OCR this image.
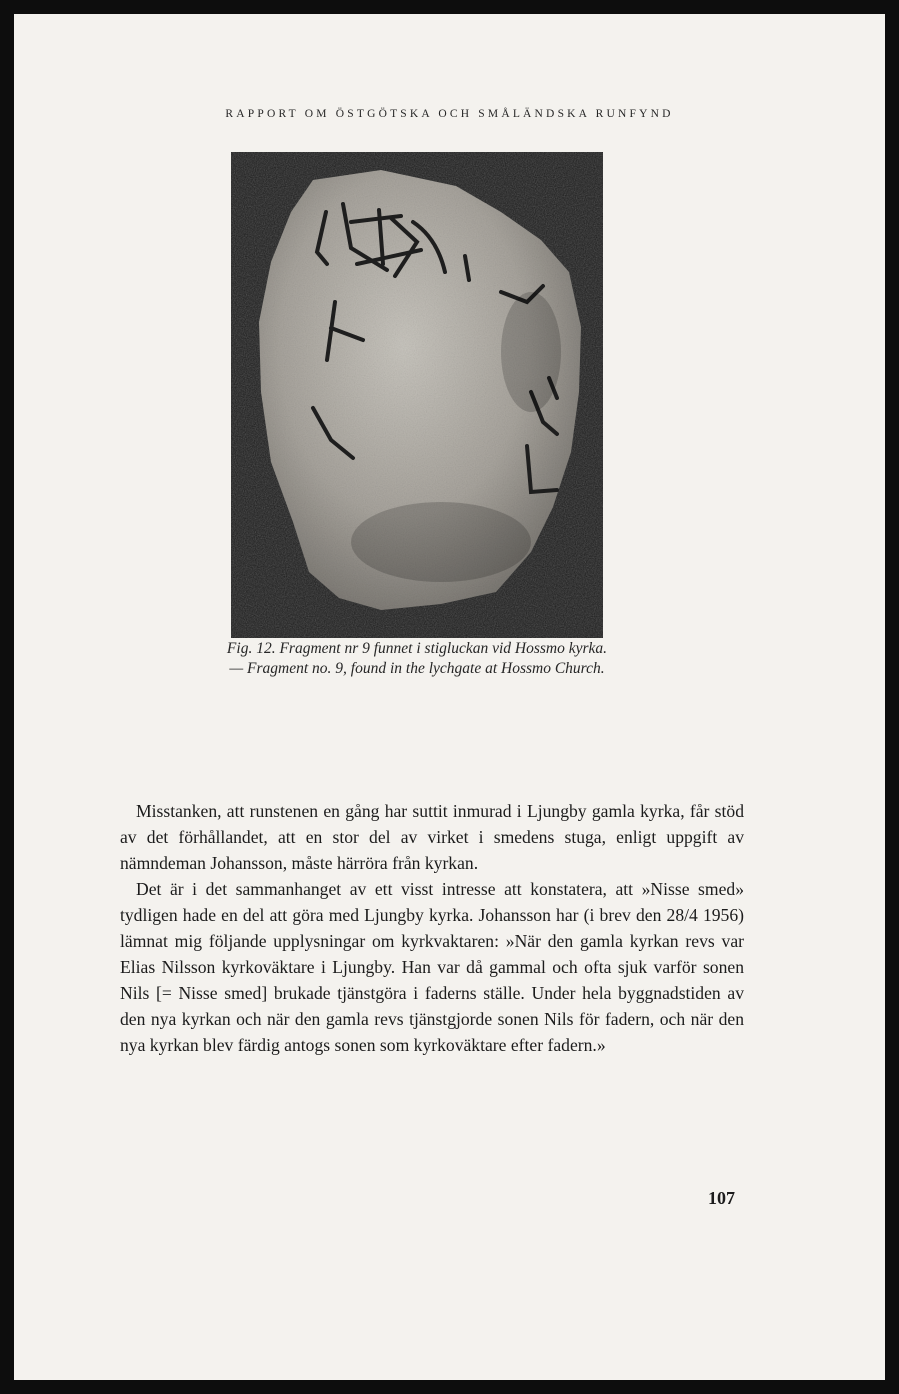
RAPPORT OM ÖSTGÖTSKA OCH SMÅLÄNDSKA RUNFYND
Fig. 12. Fragment nr 9 funnet i stigluckan vid Hossmo kyrka. — Fragment no. 9, found in the lychgate at Hossmo Church.

Misstanken, att runstenen en gång har suttit inmurad i Ljungby gamla kyrka, får stöd av det förhållandet, att en stor del av virket i smedens stuga, enligt uppgift av nämndeman Johansson, måste härröra från kyrkan.

Det är i det sammanhanget av ett visst intresse att konstatera, att »Nisse smed» tydligen hade en del att göra med Ljungby kyrka. Johansson har (i brev den 28/4 1956) lämnat mig följande upplysningar om kyrkvaktaren: »När den gamla kyrkan revs var Elias Nilsson kyrkoväktare i Ljungby. Han var då gammal och ofta sjuk varför sonen Nils [= Nisse smed] brukade tjänstgöra i faderns ställe. Under hela byggnadstiden av den nya kyrkan och när den gamla revs tjänstgjorde sonen Nils för fadern, och när den nya kyrkan blev färdig antogs sonen som kyrkoväktare efter fadern.»

107
